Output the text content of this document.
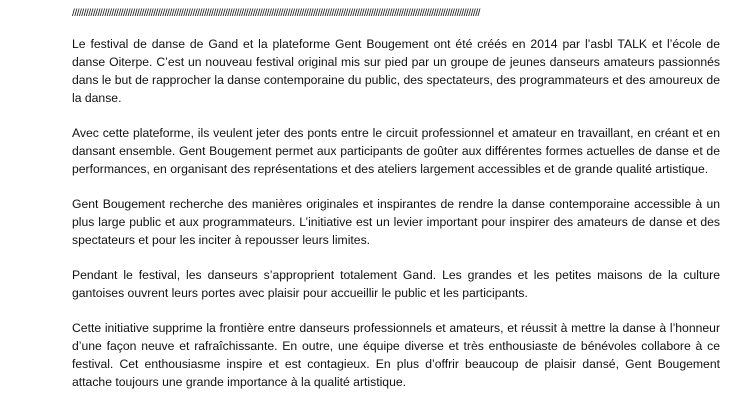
////////////////////////////////////////////////////////////////////////////////////////////////////////////////////////////////////////////////////////////////////////////////

Le festival de danse de Gand et la plateforme Gent Bougement ont été créés en 2014 par l’asbl TALK et l’école de danse Oiterpe. C’est un nouveau festival original mis sur pied par un groupe de jeunes danseurs amateurs passionnés dans le but de rapprocher la danse contemporaine du public, des spectateurs, des programmateurs et des amoureux de la danse.

Avec cette plateforme, ils veulent jeter des ponts entre le circuit professionnel et amateur en travaillant, en créant et en dansant ensemble. Gent Bougement permet aux participants de goûter aux différentes formes actuelles de danse et de performances, en organisant des représentations et des ateliers largement accessibles et de grande qualité artistique.

Gent Bougement recherche des manières originales et inspirantes de rendre la danse contemporaine accessible à un plus large public et aux programmateurs. L’initiative est un levier important pour inspirer des amateurs de danse et des spectateurs et pour les inciter à repousser leurs limites.

Pendant le festival, les danseurs s’approprient totalement Gand. Les grandes et les petites maisons de la culture gantoises ouvrent leurs portes avec plaisir pour accueillir le public et les participants.

Cette initiative supprime la frontière entre danseurs professionnels et amateurs, et réussit à mettre la danse à l’honneur d’une façon neuve et rafraîchissante. En outre, une équipe diverse et très enthousiaste de bénévoles collabore à ce festival. Cet enthousiasme inspire et est contagieux. En plus d’offrir beaucoup de plaisir dansé, Gent Bougement attache toujours une grande importance à la qualité artistique.
